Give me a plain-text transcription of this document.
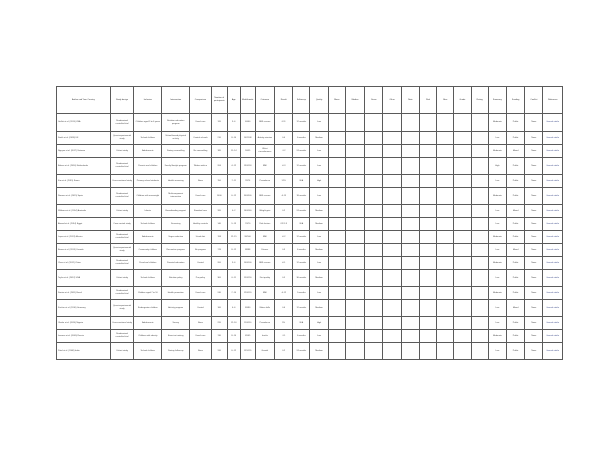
Author and Year Country	Study design	Inclusion	Intervention	Comparison	Number of participants	Age	Male/female	Outcome	Result	Follow-up	Quality	Mean	Median	Score	Other	Note	Risk	Bias	Grade	Rating	Summary	Funding	Conflict	Reference
Guillet et al. (2019) USA	Randomized controlled trial	Children aged 3 to 6 years	Nutrition education program	Usual care	120	3–6	60/60	BMI z-score	0.11	12 months	Low										Moderate	Public	None	Journal article
Smith et al. (2018) UK	Quasi-experimental study	School children	School-based physical activity	Control schools	210	8–10	102/108	Activity minutes	0.4	6 months	Medium										Low	Public	None	Journal article
Nguyen et al. (2017) Vietnam	Cohort study	Adolescents	Dietary counselling	No counselling	185	11–14	90/95	Waist circumference	-1.2	24 months	Low										Moderate	Mixed	None	Journal article
Bakers et al. (2016) Netherlands	Randomized controlled trial	Parents and children	Family lifestyle program	Written advice	264	4–12	130/134	BMI	-0.3	12 months	Low										High	Public	None	Journal article
Kim et al. (2015) Korea	Cross-sectional study	Primary school students	Health screening	None	150	7–11	76/74	Prevalence	12%	N/A	High										Low	Public	None	Journal article
Romero et al. (2015) Spain	Randomized controlled trial	Children with overweight	Multicomponent intervention	Usual care	1000	6–12	500/500	BMI z-score	-0.15	18 months	Low										Moderate	Public	None	Journal article
Williams et al. (2014) Australia	Cohort study	Infants	Breastfeeding support	Standard care	320	0–2	160/160	Weight gain	0.2	24 months	Medium										Low	Mixed	None	Journal article
Ahmed et al. (2014) Egypt	Case-control study	School children	Screening	Healthy controls	140	9–13	70/70	Risk factors	OR 1.8	N/A	Medium										Low	Public	None	Journal article
Lopez et al. (2013) Mexico	Randomized controlled trial	Adolescents	Sugar reduction	Usual diet	198	12–15	98/100	BMI	-0.2	12 months	Low										Moderate	Public	None	Journal article
Brown et al. (2013) Canada	Quasi-experimental study	Community children	Recreation program	No program	176	8–12	88/88	Fitness	0.3	6 months	Medium										Low	Mixed	None	Journal article
Chen et al. (2012) China	Randomized controlled trial	Preschool children	Parental education	Control	200	3–6	100/100	BMI z-score	-0.1	12 months	Low										Moderate	Public	None	Journal article
Taylor et al. (2012) USA	Cohort study	School children	Nutrition policy	Pre-policy	300	6–11	150/150	Diet quality	0.5	36 months	Medium										Low	Public	None	Journal article
Santos et al. (2011) Brazil	Randomized controlled trial	Children aged 7 to 10	Health promotion	Usual care	240	7–10	120/120	BMI	-0.12	9 months	Low										Moderate	Public	None	Journal article
Fischer et al. (2010) Germany	Quasi-experimental study	Kindergarten children	Activity program	Control	160	4–6	80/80	Motor skills	0.6	12 months	Medium										Low	Mixed	None	Journal article
Okafor et al. (2010) Nigeria	Cross-sectional study	Adolescents	Survey	None	220	12–16	110/110	Prevalence	9%	N/A	High										Low	Public	None	Journal article
Ivanova et al. (2009) Russia	Randomized controlled trial	Children with obesity	Exercise training	Usual care	130	8–14	65/65	Insulin	-1.1	6 months	Low										Moderate	Public	None	Journal article
Patel et al. (2008) India	Cohort study	School children	Dietary follow-up	None	310	6–12	155/155	Growth	0.2	24 months	Medium										Low	Public	None	Journal article
